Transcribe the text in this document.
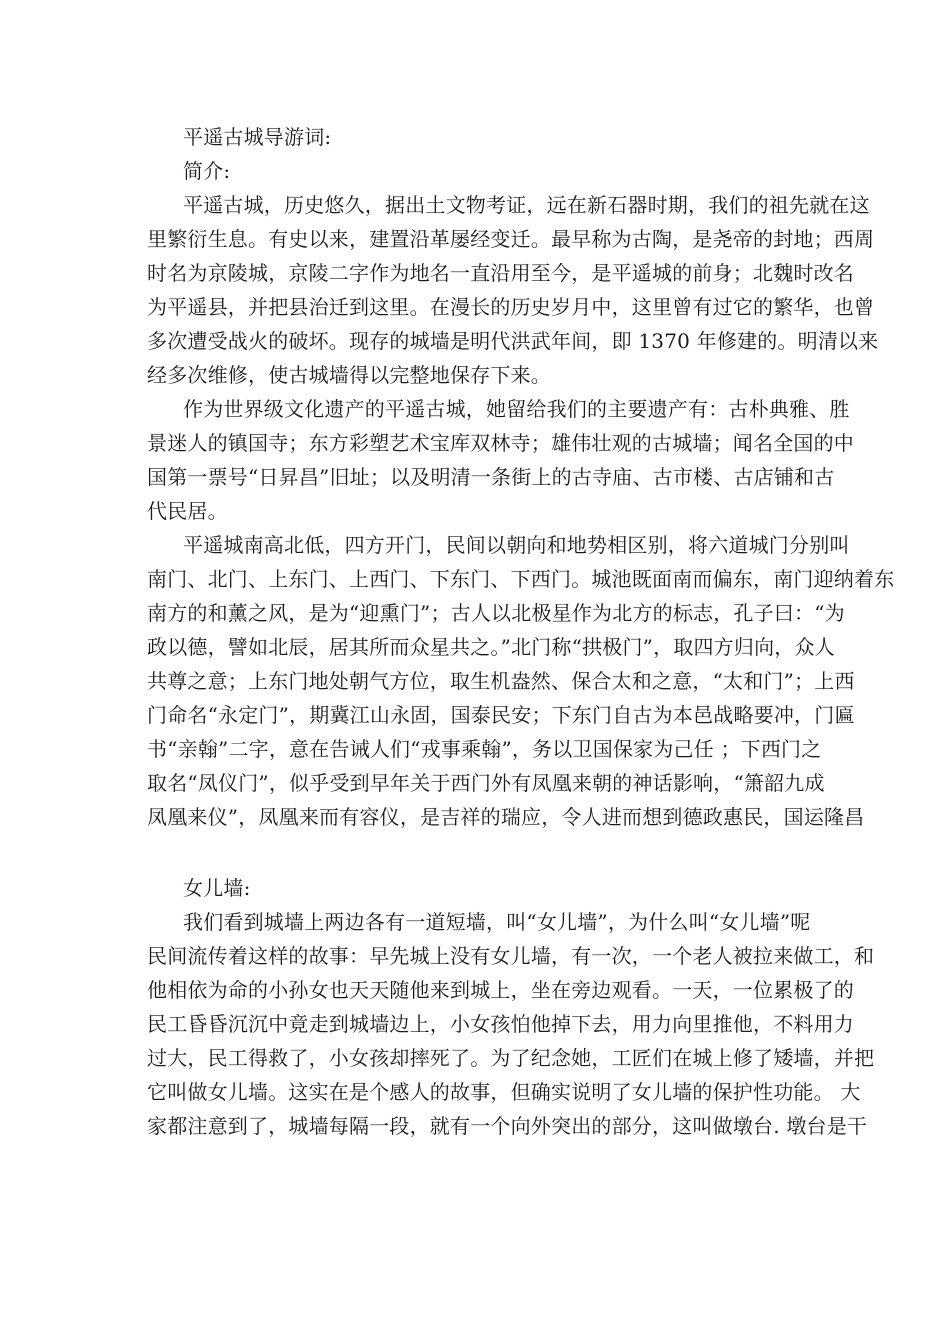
平遥古城导游词:
简介:
平遥古城，历史悠久，据出土文物考证，远在新石器时期，我们的祖先就在这
里繁衍生息。有史以来，建置沿革屡经变迁。最早称为古陶，是尧帝的封地；西周
时名为京陵城，京陵二字作为地名一直沿用至今，是平遥城的前身；北魏时改名
为平遥县，并把县治迁到这里。在漫长的历史岁月中，这里曾有过它的繁华，也曾
多次遭受战火的破坏。现存的城墙是明代洪武年间，即 1370 年修建的。明清以来
经多次维修，使古城墙得以完整地保存下来。
作为世界级文化遗产的平遥古城，她留给我们的主要遗产有：古朴典雅、胜
景迷人的镇国寺；东方彩塑艺术宝库双林寺；雄伟壮观的古城墙；闻名全国的中
国第一票号“日昇昌”旧址；以及明清一条街上的古寺庙、古市楼、古店铺和古
代民居。
平遥城南高北低，四方开门，民间以朝向和地势相区别，将六道城门分别叫
南门、北门、上东门、上西门、下东门、下西门。城池既面南而偏东，南门迎纳着东
南方的和薰之风，是为“迎熏门”；古人以北极星作为北方的标志，孔子曰：“为
政以德，譬如北辰，居其所而众星共之。”北门称“拱极门”，取四方归向，众人
共尊之意；上东门地处朝气方位，取生机盎然、保合太和之意，“太和门”；上西
门命名“永定门”，期冀江山永固，国泰民安；下东门自古为本邑战略要冲，门匾
书“亲翰”二字，意在告诫人们“戎事乘翰”，务以卫国保家为己任 ；下西门之
取名“凤仪门”，似乎受到早年关于西门外有凤凰来朝的神话影响，“箫韶九成
凤凰来仪”，凤凰来而有容仪，是吉祥的瑞应，令人进而想到德政惠民，国运隆昌
女儿墙:
我们看到城墙上两边各有一道短墙，叫“女儿墙”，为什么叫“女儿墙”呢
民间流传着这样的故事：早先城上没有女儿墙，有一次，一个老人被拉来做工，和
他相依为命的小孙女也天天随他来到城上，坐在旁边观看。一天，一位累极了的
民工昏昏沉沉中竟走到城墙边上，小女孩怕他掉下去，用力向里推他，不料用力
过大，民工得救了，小女孩却摔死了。为了纪念她，工匠们在城上修了矮墙，并把
它叫做女儿墙。这实在是个感人的故事，但确实说明了女儿墙的保护性功能。 大
家都注意到了，城墙每隔一段，就有一个向外突出的部分，这叫做墩台. 墩台是干
